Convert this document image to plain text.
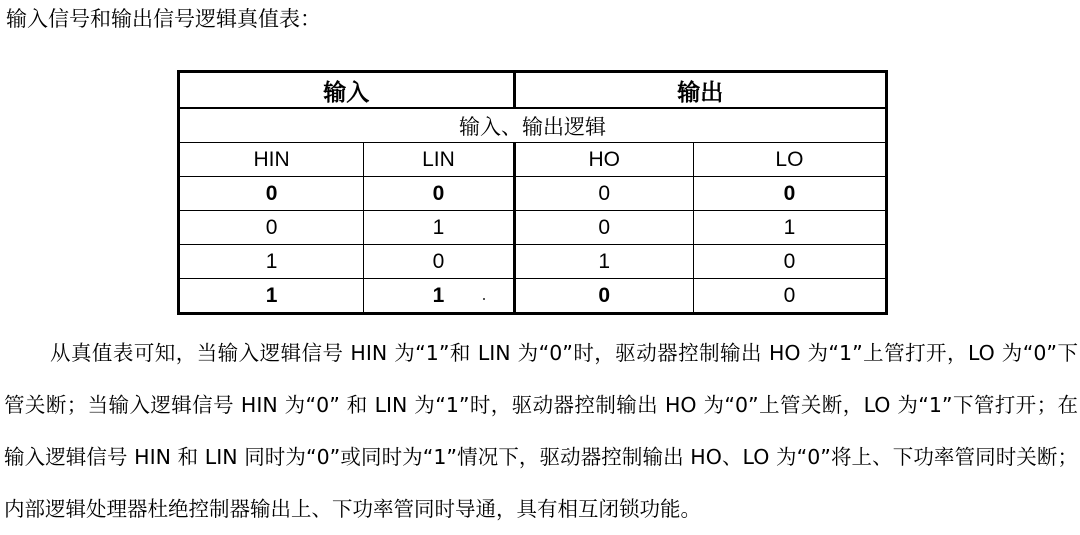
输入信号和输出信号逻辑真值表：
输入		输出	
输入、输出逻辑			
HIN	LIN	HO	LO
0	0	0	0
0	1	0	1
1	0	1	0
1	1	0	0
从真值表可知，当输入逻辑信号 HIN 为“1”和 LIN 为“0”时，驱动器控制输出 HO 为“1”上管打开，LO 为“0”下管关断；当输入逻辑信号 HIN 为“0” 和 LIN 为“1”时，驱动器控制输出 HO 为“0”上管关断，LO 为“1”下管打开；在输入逻辑信号 HIN 和 LIN 同时为“0”或同时为“1”情况下，驱动器控制输出 HO、LO 为“0”将上、下功率管同时关断；内部逻辑处理器杜绝控制器输出上、下功率管同时导通，具有相互闭锁功能。
